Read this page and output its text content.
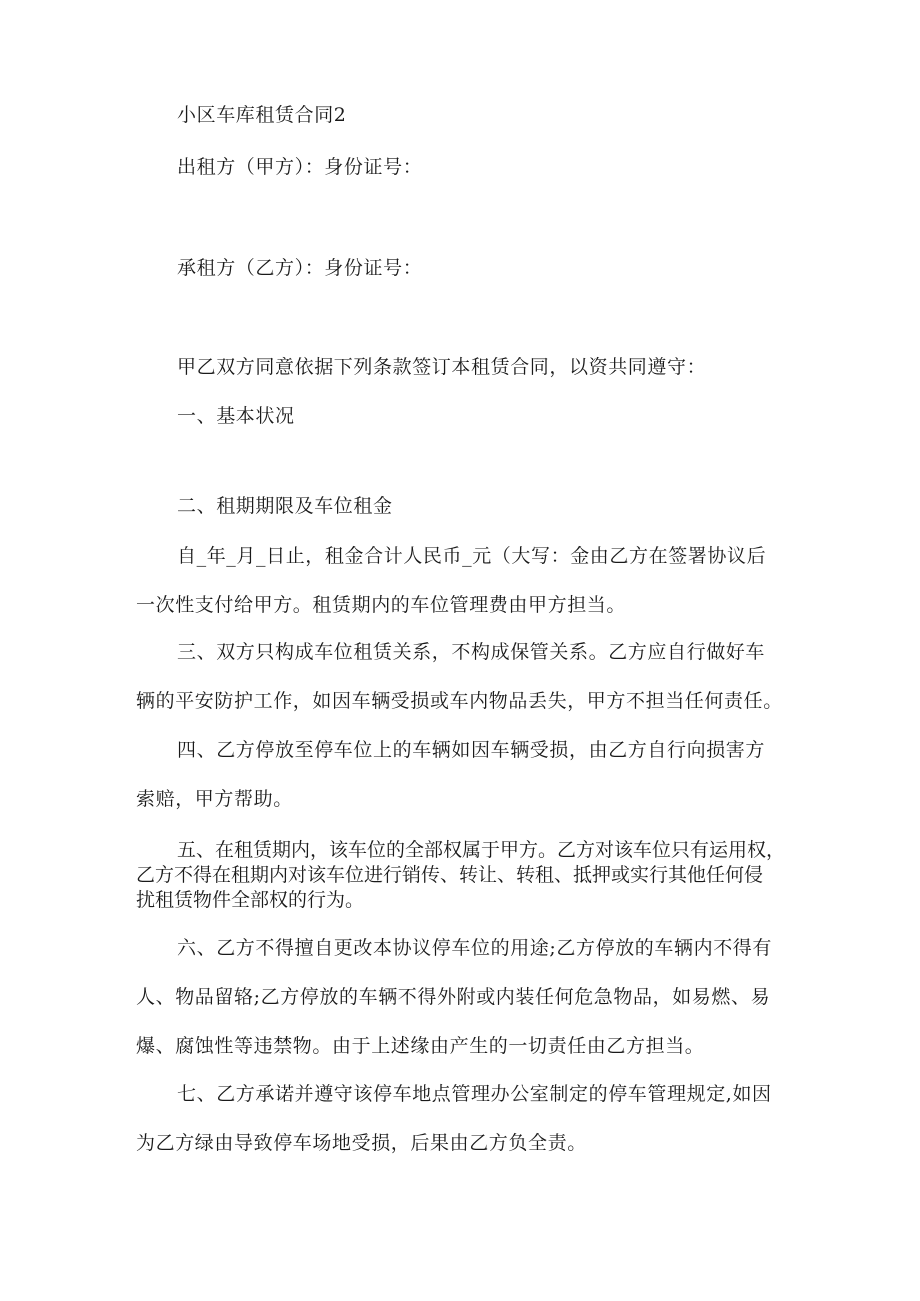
小区车库租赁合同2
出租方（甲方）：身份证号：
承租方（乙方）：身份证号：
甲乙双方同意依据下列条款签订本租赁合同，以资共同遵守：
一、基本状况
二、租期期限及车位租金
自_年_月_日止，租金合计人民币_元（大写：金由乙方在签署协议后
一次性支付给甲方。租赁期内的车位管理费由甲方担当。
三、双方只构成车位租赁关系，不构成保管关系。乙方应自行做好车
辆的平安防护工作，如因车辆受损或车内物品丢失，甲方不担当任何责任。
四、乙方停放至停车位上的车辆如因车辆受损，由乙方自行向损害方
索赔，甲方帮助。
五、在租赁期内，该车位的全部权属于甲方。乙方对该车位只有运用权，
乙方不得在租期内对该车位进行销传、转让、转租、抵押或实行其他任何侵
扰租赁物件全部权的行为。
六、乙方不得擅自更改本协议停车位的用途;乙方停放的车辆内不得有
人、物品留辂;乙方停放的车辆不得外附或内装任何危急物品，如易燃、易
爆、腐蚀性等违禁物。由于上述缘由产生的一切责任由乙方担当。
七、乙方承诺并遵守该停车地点管理办公室制定的停车管理规定,如因
为乙方绿由导致停车场地受损，后果由乙方负全责。
